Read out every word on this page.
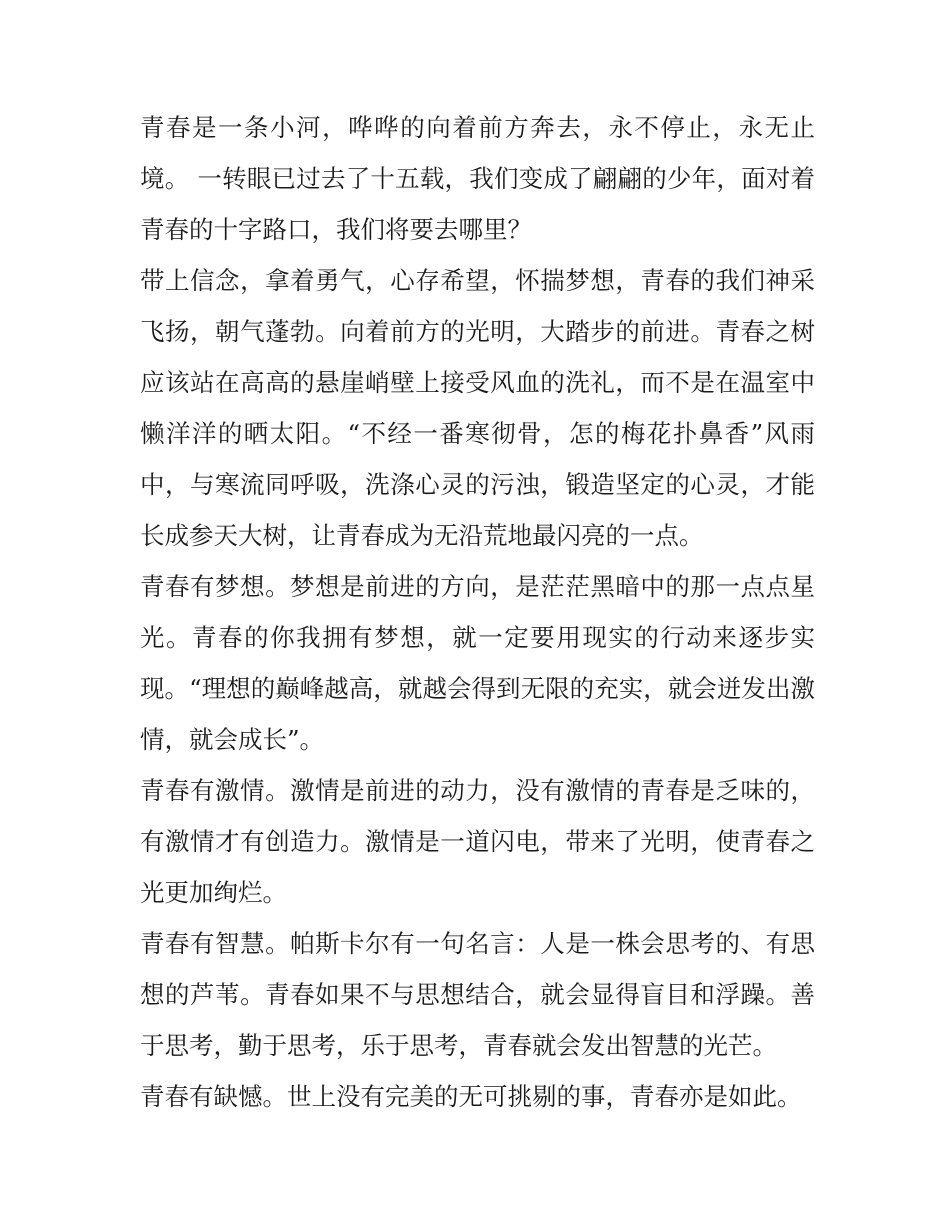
青春是一条小河，哗哗的向着前方奔去，永不停止，永无止境。 一转眼已过去了十五载，我们变成了翩翩的少年，面对着青春的十字路口，我们将要去哪里？

带上信念，拿着勇气，心存希望，怀揣梦想，青春的我们神采飞扬，朝气蓬勃。向着前方的光明，大踏步的前进。青春之树应该站在高高的悬崖峭壁上接受风血的洗礼，而不是在温室中懒洋洋的晒太阳。“不经一番寒彻骨，怎的梅花扑鼻香”风雨中，与寒流同呼吸，洗涤心灵的污浊，锻造坚定的心灵，才能长成参天大树，让青春成为无沿荒地最闪亮的一点。

青春有梦想。梦想是前进的方向，是茫茫黑暗中的那一点点星光。青春的你我拥有梦想，就一定要用现实的行动来逐步实现。“理想的巅峰越高，就越会得到无限的充实，就会迸发出激情，就会成长”。

青春有激情。激情是前进的动力，没有激情的青春是乏味的，有激情才有创造力。激情是一道闪电，带来了光明，使青春之光更加绚烂。

青春有智慧。帕斯卡尔有一句名言：人是一株会思考的、有思想的芦苇。青春如果不与思想结合，就会显得盲目和浮躁。善于思考，勤于思考，乐于思考，青春就会发出智慧的光芒。

青春有缺憾。世上没有完美的无可挑剔的事，青春亦是如此。
